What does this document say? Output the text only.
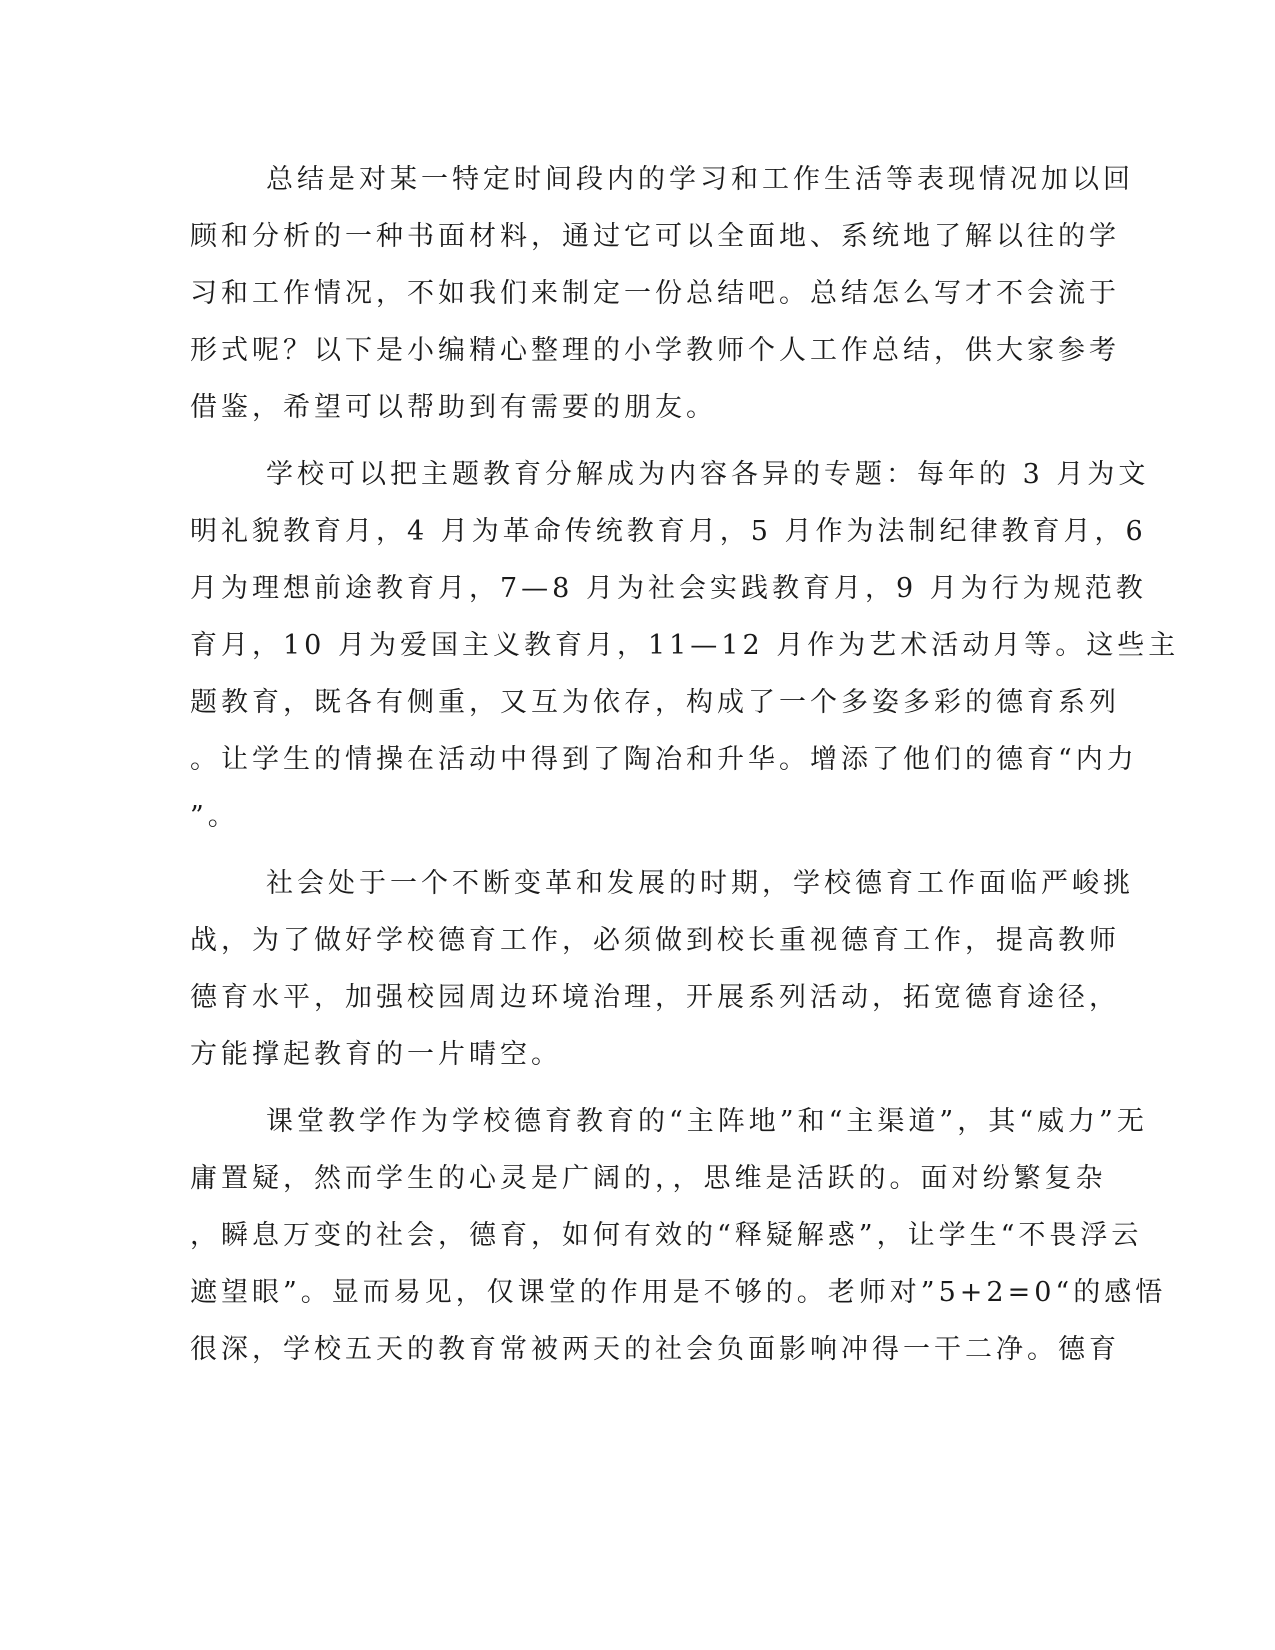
总结是对某一特定时间段内的学习和工作生活等表现情况加以回
顾和分析的一种书面材料，通过它可以全面地、系统地了解以往的学
习和工作情况，不如我们来制定一份总结吧。总结怎么写才不会流于
形式呢？以下是小编精心整理的小学教师个人工作总结，供大家参考
借鉴，希望可以帮助到有需要的朋友。
学校可以把主题教育分解成为内容各异的专题：每年的 3 月为文
明礼貌教育月，4 月为革命传统教育月，5 月作为法制纪律教育月，6
月为理想前途教育月，7—8 月为社会实践教育月，9 月为行为规范教
育月，10 月为爱国主义教育月，11—12 月作为艺术活动月等。这些主
题教育，既各有侧重，又互为依存，构成了一个多姿多彩的德育系列
。让学生的情操在活动中得到了陶冶和升华。增添了他们的德育“内力
”。
社会处于一个不断变革和发展的时期，学校德育工作面临严峻挑
战，为了做好学校德育工作，必须做到校长重视德育工作，提高教师
德育水平，加强校园周边环境治理，开展系列活动，拓宽德育途径，
方能撑起教育的一片晴空。
课堂教学作为学校德育教育的“主阵地”和“主渠道”，其“威力”无
庸置疑，然而学生的心灵是广阔的，，思维是活跃的。面对纷繁复杂
，瞬息万变的社会，德育，如何有效的“释疑解惑”，让学生“不畏浮云
遮望眼”。显而易见，仅课堂的作用是不够的。老师对”5+2=0“的感悟
很深，学校五天的教育常被两天的社会负面影响冲得一干二净。德育
